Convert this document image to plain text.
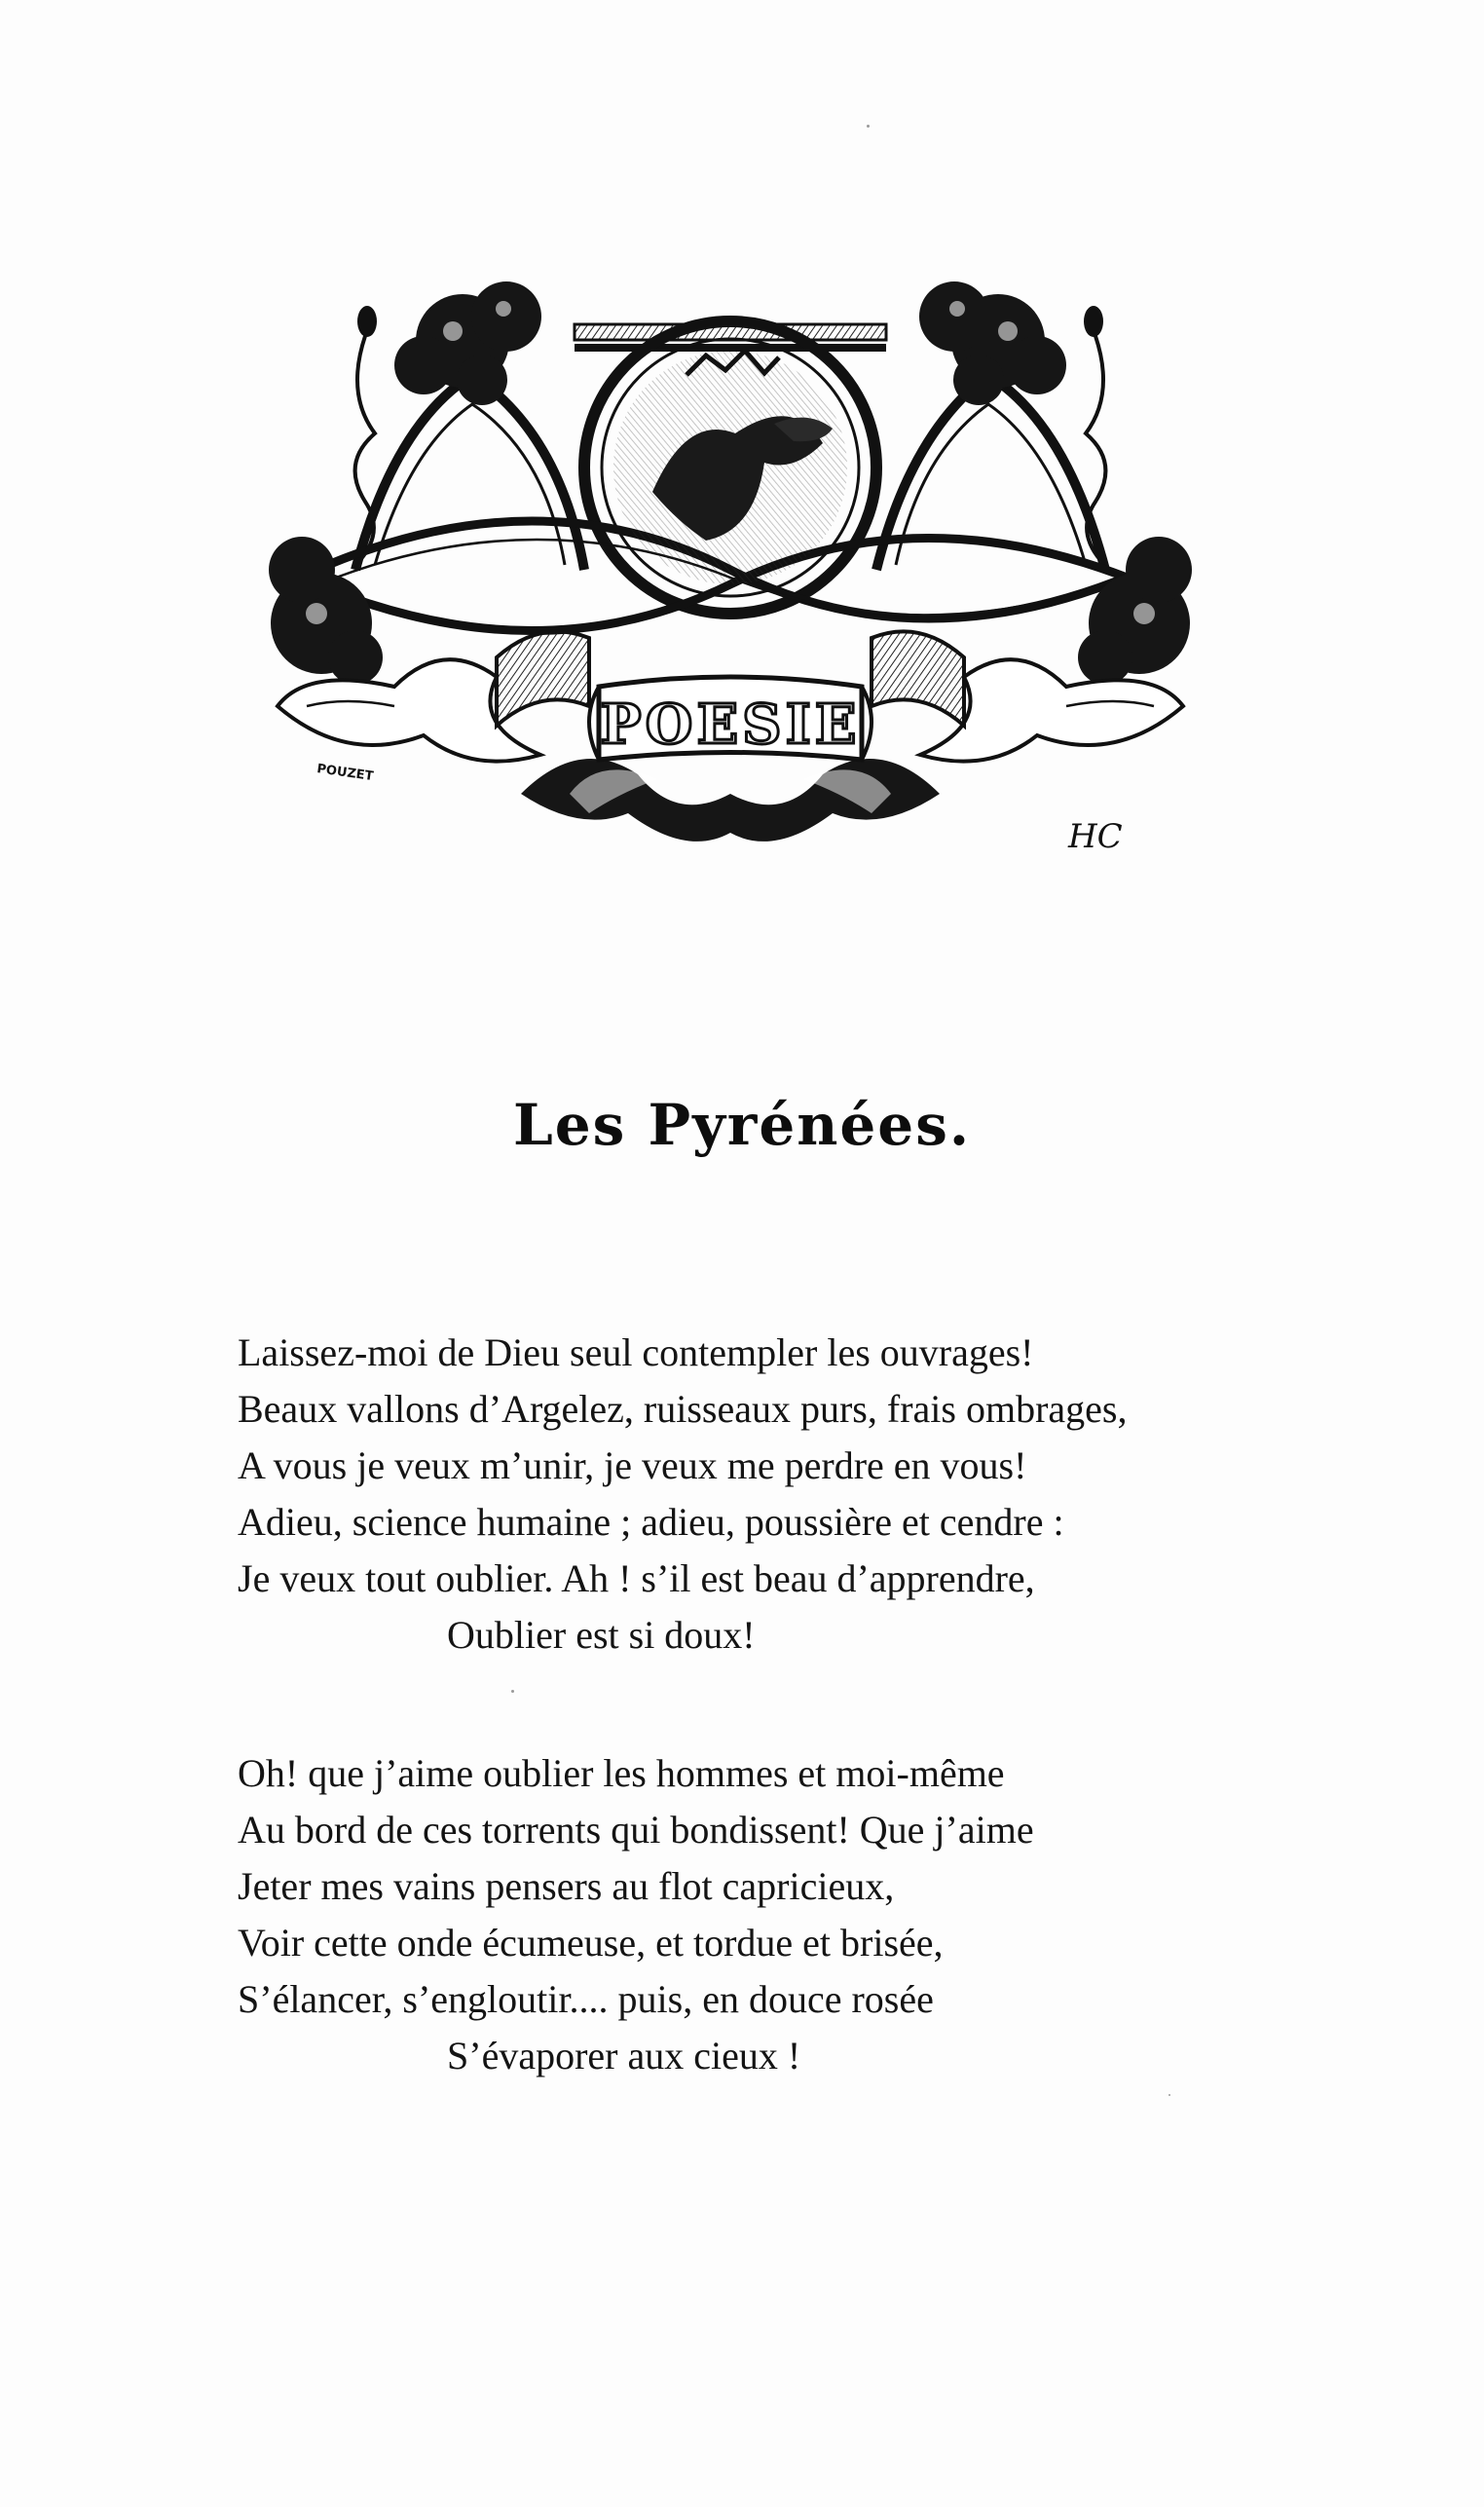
POESIE
POUZET
HC
Les Pyrénées.
Laissez-moi de Dieu seul contempler les ouvrages!
Beaux vallons d’Argelez, ruisseaux purs, frais ombrages,
A vous je veux m’unir, je veux me perdre en vous!
Adieu, science humaine ; adieu, poussière et cendre :
Je veux tout oublier. Ah ! s’il est beau d’apprendre,
Oublier est si doux!
Oh! que j’aime oublier les hommes et moi-même
Au bord de ces torrents qui bondissent! Que j’aime
Jeter mes vains pensers au flot capricieux,
Voir cette onde écumeuse, et tordue et brisée,
S’élancer, s’engloutir.... puis, en douce rosée
S’évaporer aux cieux !
